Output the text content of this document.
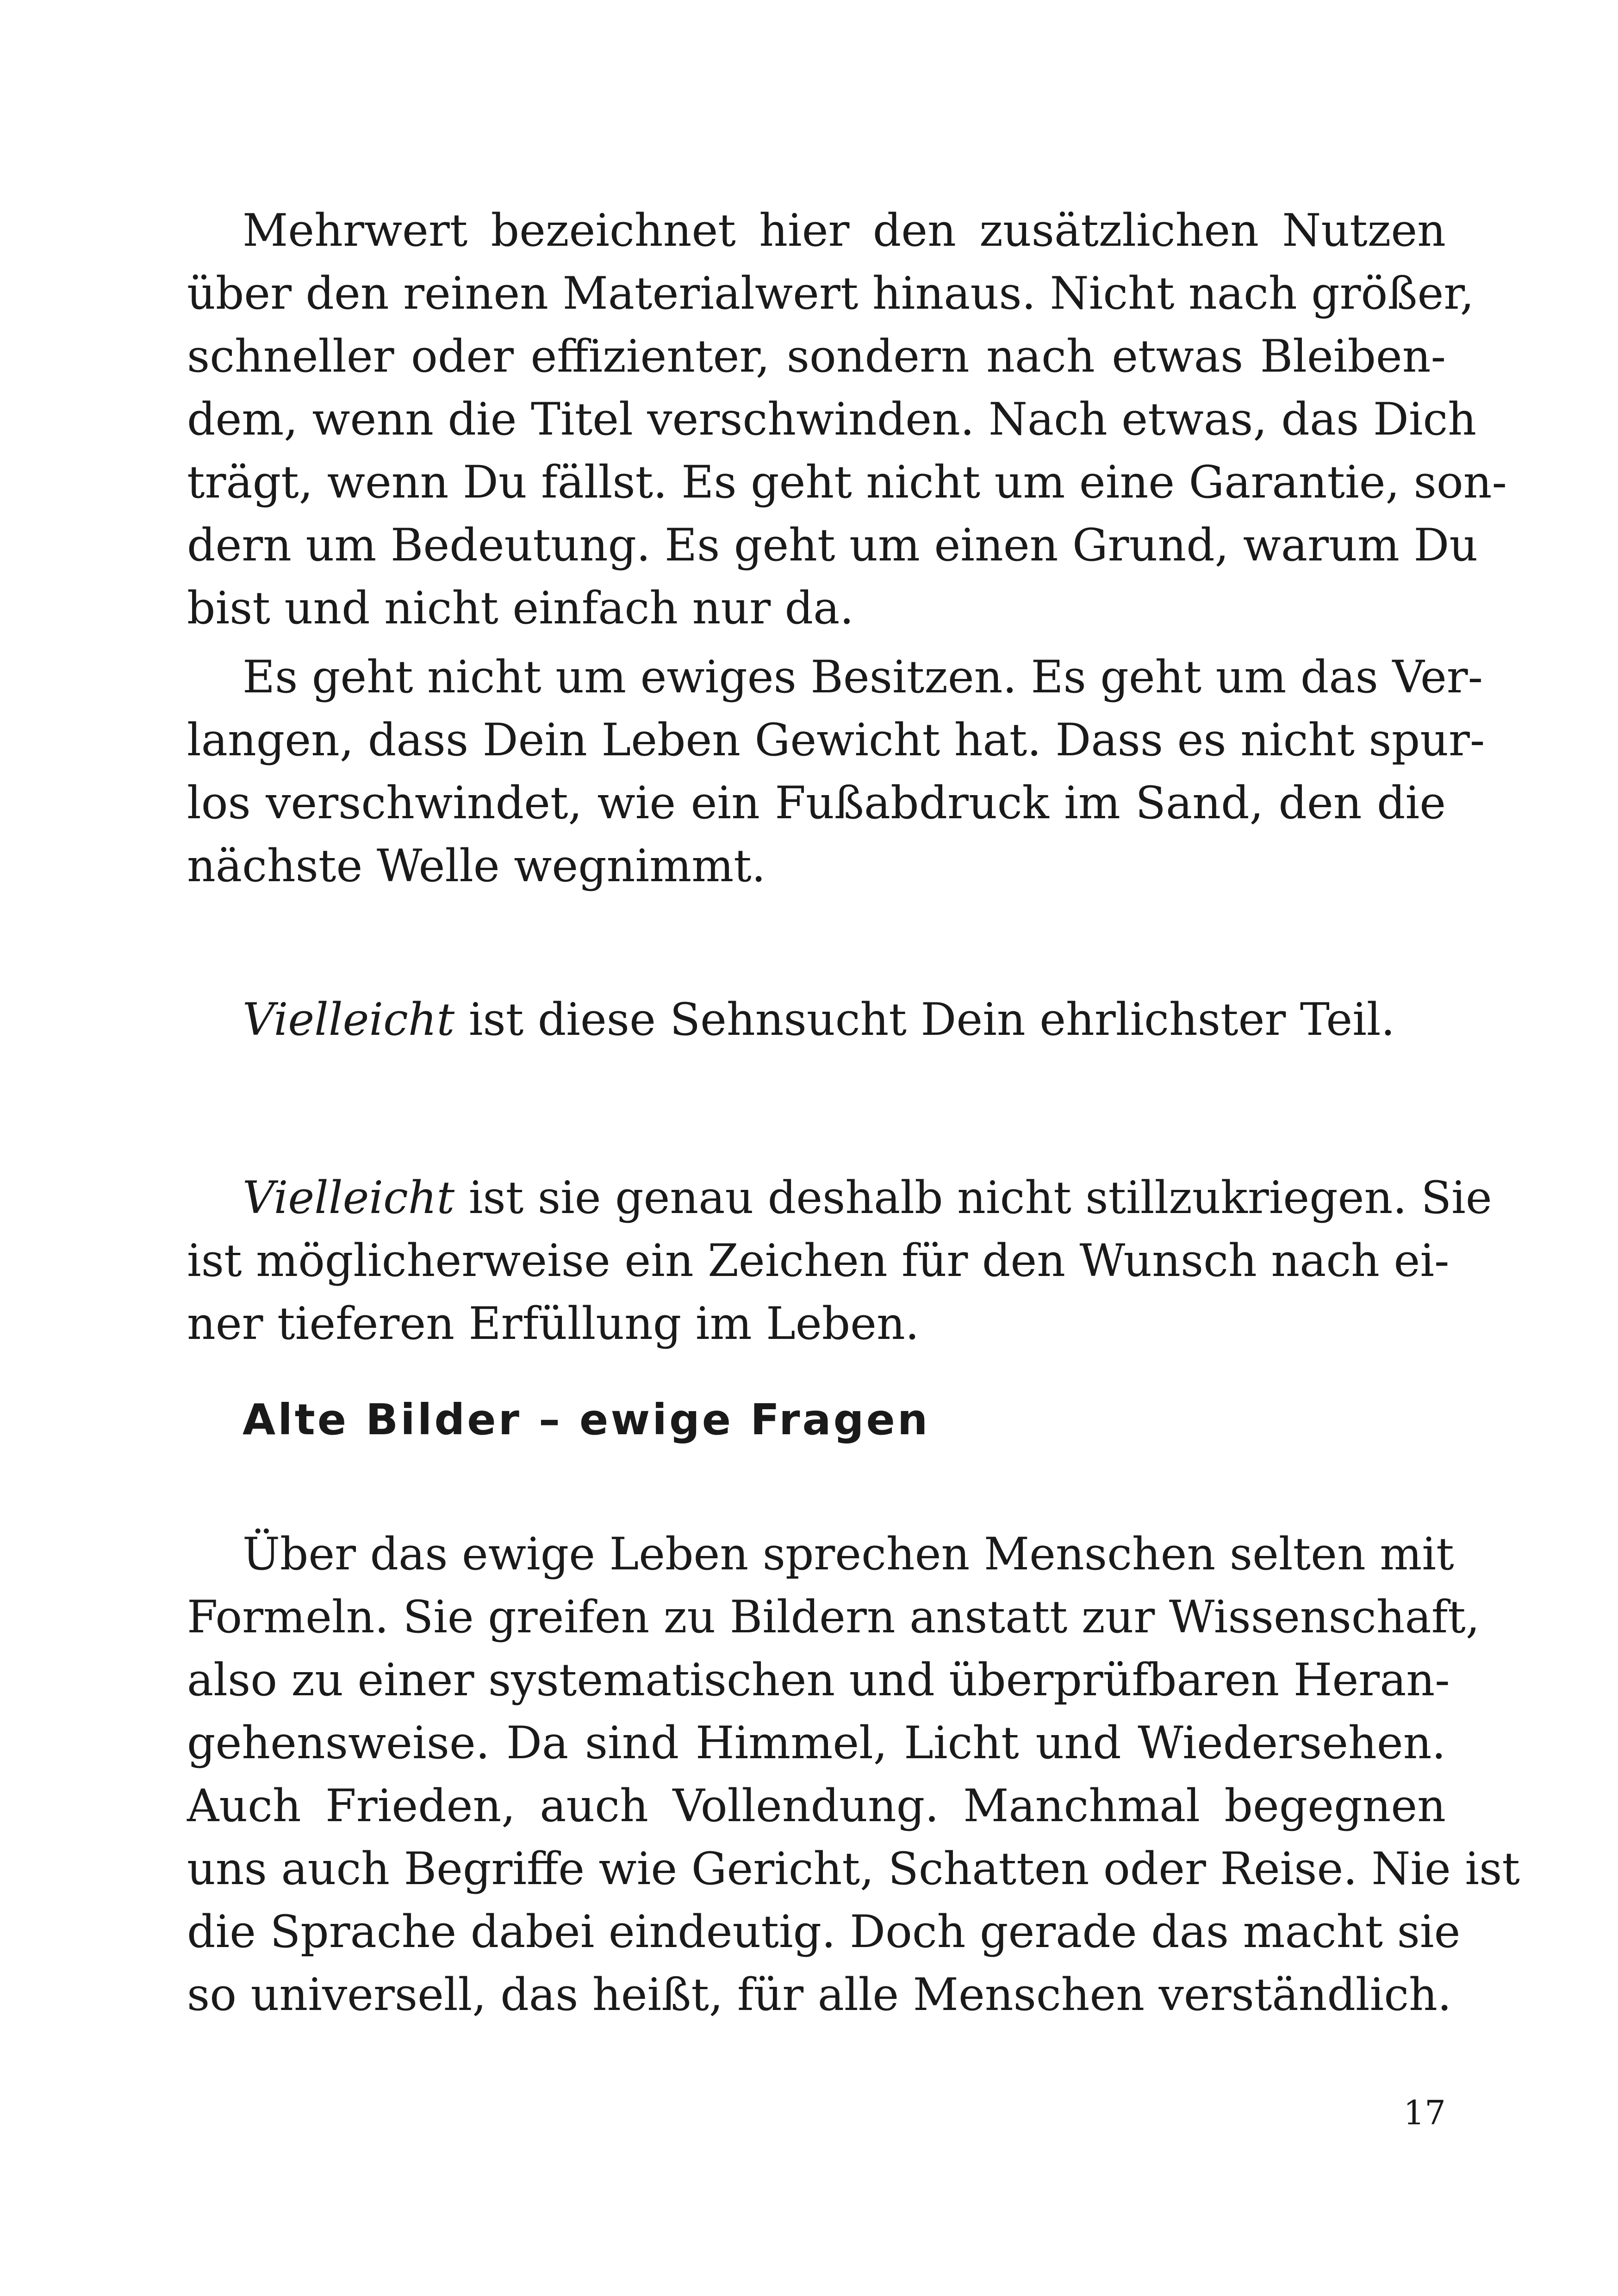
Mehrwert bezeichnet hier den zusätzlichen Nutzen
über den reinen Materialwert hinaus. Nicht nach größer,
schneller oder effizienter, sondern nach etwas Bleiben-
dem, wenn die Titel verschwinden. Nach etwas, das Dich
trägt, wenn Du fällst. Es geht nicht um eine Garantie, son-
dern um Bedeutung. Es geht um einen Grund, warum Du
bist und nicht einfach nur da.
Es geht nicht um ewiges Besitzen. Es geht um das Ver-
langen, dass Dein Leben Gewicht hat. Dass es nicht spur-
los verschwindet, wie ein Fußabdruck im Sand, den die
nächste Welle wegnimmt.
Vielleicht ist diese Sehnsucht Dein ehrlichster Teil.
Vielleicht ist sie genau deshalb nicht stillzukriegen. Sie
ist möglicherweise ein Zeichen für den Wunsch nach ei-
ner tieferen Erfüllung im Leben.
Alte Bilder – ewige Fragen
Über das ewige Leben sprechen Menschen selten mit
Formeln. Sie greifen zu Bildern anstatt zur Wissenschaft,
also zu einer systematischen und überprüfbaren Heran-
gehensweise. Da sind Himmel, Licht und Wiedersehen.
Auch Frieden, auch Vollendung. Manchmal begegnen
uns auch Begriffe wie Gericht, Schatten oder Reise. Nie ist
die Sprache dabei eindeutig. Doch gerade das macht sie
so universell, das heißt, für alle Menschen verständlich.
17
